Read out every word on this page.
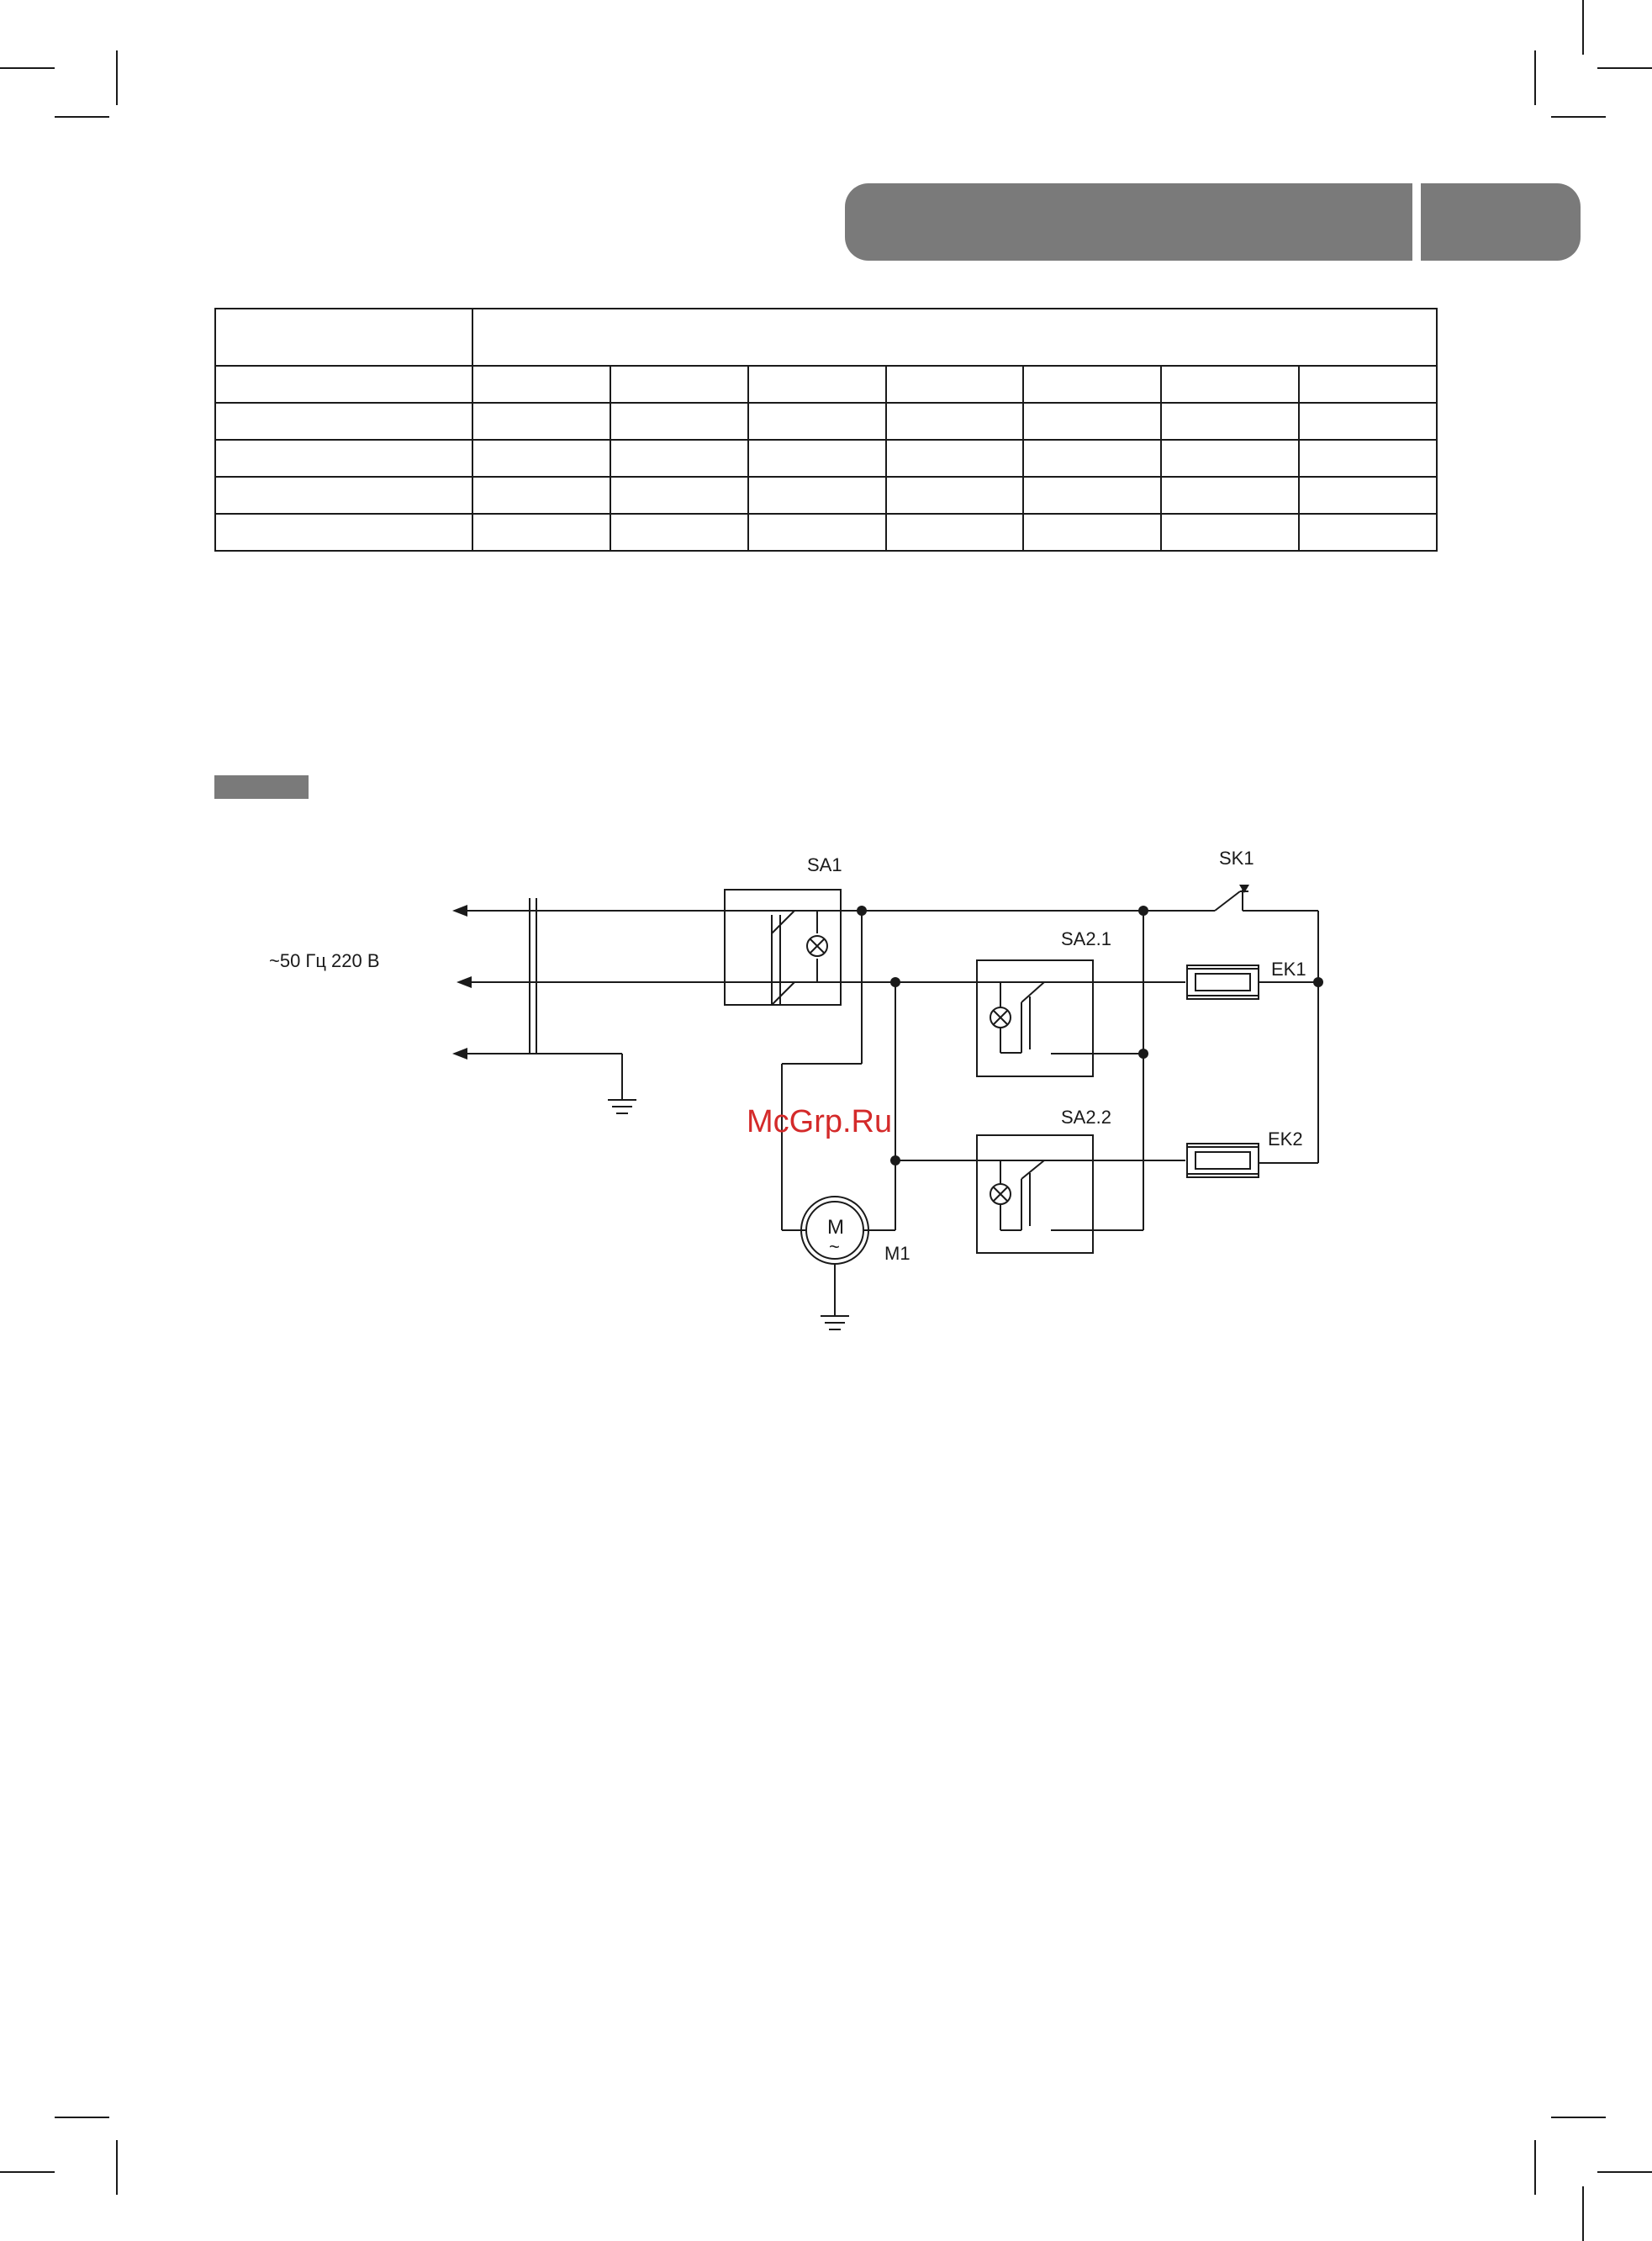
~50 Гц 220 В
SA1	SK1
SA2.1
EK1
SA2.2
EK2
M1
M
~
McGrp.Ru
